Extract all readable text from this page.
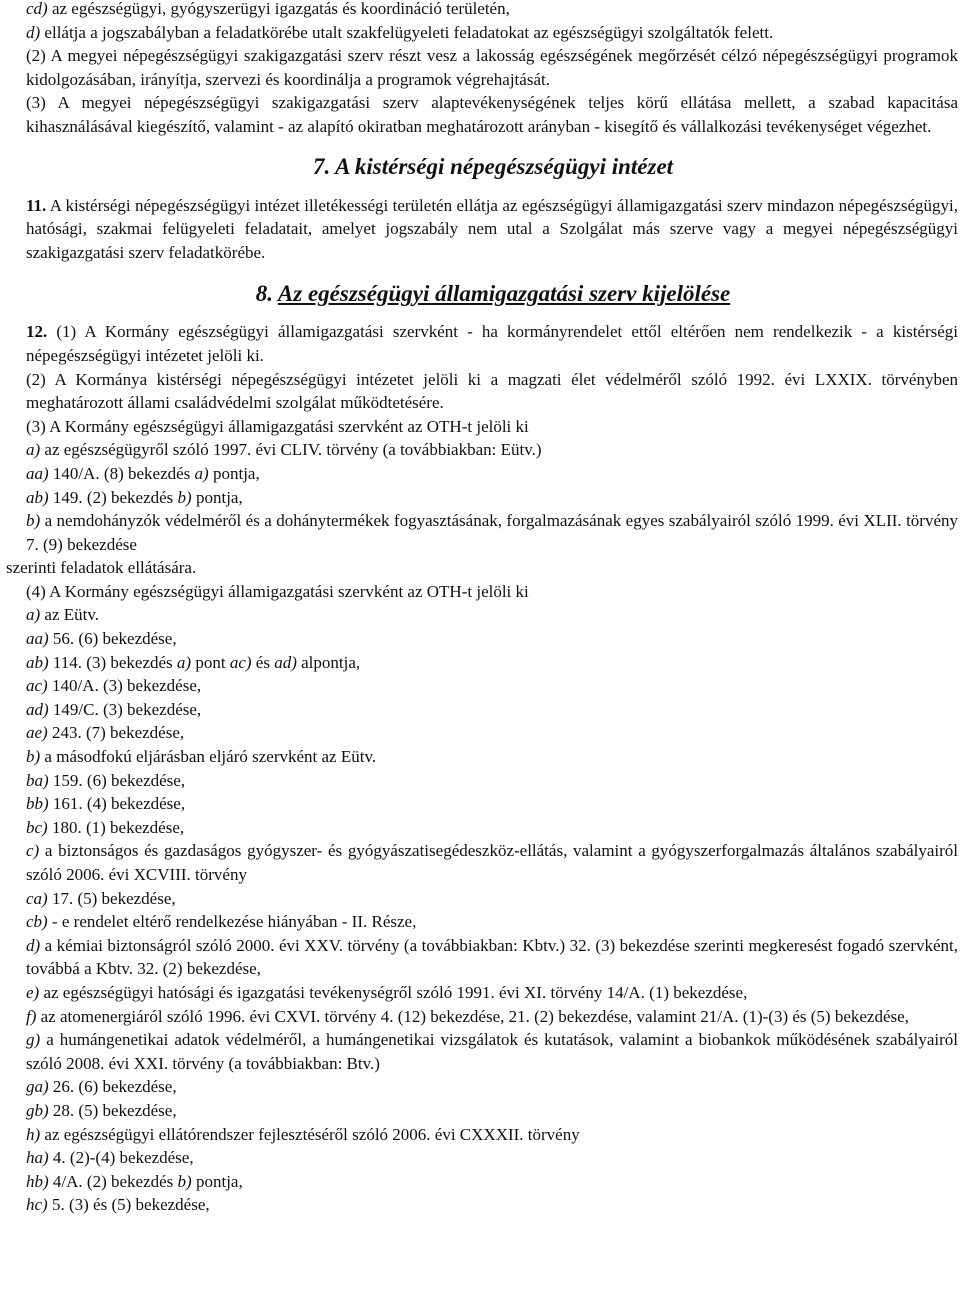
cd) az egészségügyi, gyógyszerügyi igazgatás és koordináció területén,

d) ellátja a jogszabályban a feladatkörébe utalt szakfelügyeleti feladatokat az egészségügyi szolgáltatók felett.

(2) A megyei népegészségügyi szakigazgatási szerv részt vesz a lakosság egészségének megőrzését célzó népegészségügyi programok kidolgozásában, irányítja, szervezi és koordinálja a programok végrehajtását.

(3) A megyei népegészségügyi szakigazgatási szerv alaptevékenységének teljes körű ellátása mellett, a szabad kapacitása kihasználásával kiegészítő, valamint - az alapító okiratban meghatározott arányban - kisegítő és vállalkozási tevékenységet végezhet.

7. A kistérségi népegészségügyi intézet

11. A kistérségi népegészségügyi intézet illetékességi területén ellátja az egészségügyi államigazgatási szerv mindazon népegészségügyi, hatósági, szakmai felügyeleti feladatait, amelyet jogszabály nem utal a Szolgálat más szerve vagy a megyei népegészségügyi szakigazgatási szerv feladatkörébe.

8. Az egészségügyi államigazgatási szerv kijelölése

12. (1) A Kormány egészségügyi államigazgatási szervként - ha kormányrendelet ettől eltérően nem rendelkezik - a kistérségi népegészségügyi intézetet jelöli ki.

(2) A Kormánya kistérségi népegészségügyi intézetet jelöli ki a magzati élet védelméről szóló 1992. évi LXXIX. törvényben meghatározott állami családvédelmi szolgálat működtetésére.

(3) A Kormány egészségügyi államigazgatási szervként az OTH-t jelöli ki

a) az egészségügyről szóló 1997. évi CLIV. törvény (a továbbiakban: Eütv.)

aa) 140/A. (8) bekezdés a) pontja,

ab) 149. (2) bekezdés b) pontja,

b) a nemdohányzók védelméről és a dohánytermékek fogyasztásának, forgalmazásának egyes szabályairól szóló 1999. évi XLII. törvény 7. (9) bekezdése

szerinti feladatok ellátására.

(4) A Kormány egészségügyi államigazgatási szervként az OTH-t jelöli ki

a) az Eütv.

aa) 56. (6) bekezdése,

ab) 114. (3) bekezdés a) pont ac) és ad) alpontja,

ac) 140/A. (3) bekezdése,

ad) 149/C. (3) bekezdése,

ae) 243. (7) bekezdése,

b) a másodfokú eljárásban eljáró szervként az Eütv.

ba) 159. (6) bekezdése,

bb) 161. (4) bekezdése,

bc) 180. (1) bekezdése,

c) a biztonságos és gazdaságos gyógyszer- és gyógyászatisegédeszköz-ellátás, valamint a gyógyszerforgalmazás általános szabályairól szóló 2006. évi XCVIII. törvény

ca) 17. (5) bekezdése,

cb) - e rendelet eltérő rendelkezése hiányában - II. Része,

d) a kémiai biztonságról szóló 2000. évi XXV. törvény (a továbbiakban: Kbtv.) 32. (3) bekezdése szerinti megkeresést fogadó szervként, továbbá a Kbtv. 32. (2) bekezdése,

e) az egészségügyi hatósági és igazgatási tevékenységről szóló 1991. évi XI. törvény 14/A. (1) bekezdése,

f) az atomenergiáról szóló 1996. évi CXVI. törvény 4. (12) bekezdése, 21. (2) bekezdése, valamint 21/A. (1)-(3) és (5) bekezdése,

g) a humángenetikai adatok védelméről, a humángenetikai vizsgálatok és kutatások, valamint a biobankok működésének szabályairól szóló 2008. évi XXI. törvény (a továbbiakban: Btv.)

ga) 26. (6) bekezdése,

gb) 28. (5) bekezdése,

h) az egészségügyi ellátórendszer fejlesztéséről szóló 2006. évi CXXXII. törvény

ha) 4. (2)-(4) bekezdése,

hb) 4/A. (2) bekezdés b) pontja,

hc) 5. (3) és (5) bekezdése,
